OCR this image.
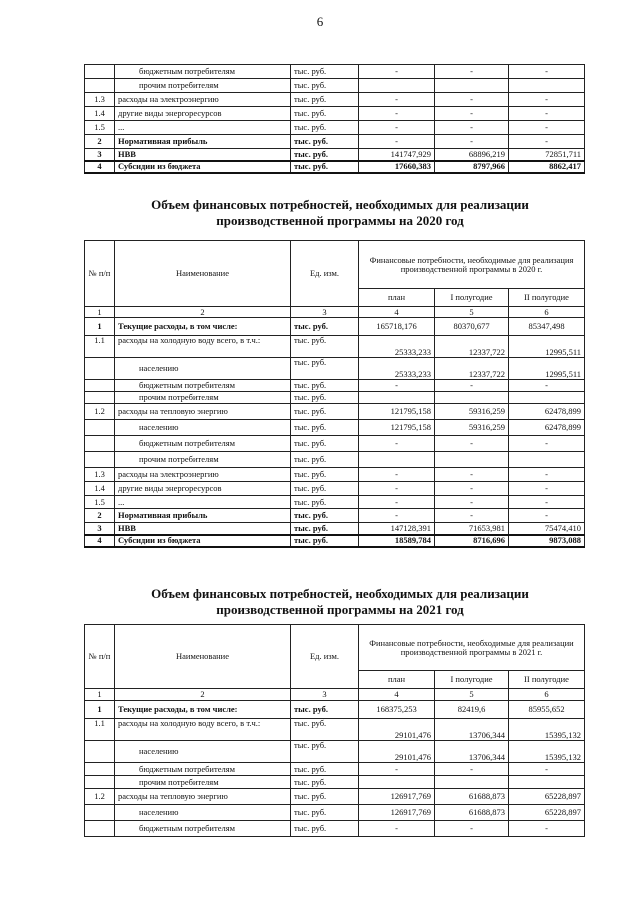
6
	бюджетным потребителям	тыс. руб.	-	-	-
	прочим потребителям	тыс. руб.			
1.3	расходы на электроэнергию	тыс. руб.	-	-	-
1.4	другие виды энергоресурсов	тыс. руб.	-	-	-
1.5	...	тыс. руб.	-	-	-
2	Нормативная прибыль	тыс. руб.	-	-	-
3	НВВ	тыс. руб.	141747,929	68896,219	72851,711
4	Субсидии из бюджета	тыс. руб.	17660,383	8797,966	8862,417
Объем финансовых потребностей, необходимых для реализации
производственной программы на 2020 год
№ п/п	Наименование	Ед. изм.	Финансовые потребности, необходимые для реализация производственной программы в 2020 г.		
			план	I полугодие	II полугодие
1	2	3	4	5	6
1	Текущие расходы, в том числе:	тыс. руб.	165718,176	80370,677	85347,498
1.1	расходы на холодную воду всего, в т.ч.:	тыс. руб.	25333,233	12337,722	12995,511
	населению	тыс. руб.	25333,233	12337,722	12995,511
	бюджетным потребителям	тыс. руб.	-	-	-
	прочим потребителям	тыс. руб.			
1.2	расходы на тепловую энергию	тыс. руб.	121795,158	59316,259	62478,899
	населению	тыс. руб.	121795,158	59316,259	62478,899
	бюджетным потребителям	тыс. руб.	-	-	-
	прочим потребителям	тыс. руб.			
1.3	расходы на электроэнергию	тыс. руб.	-	-	-
1.4	другие виды энергоресурсов	тыс. руб.	-	-	-
1.5	...	тыс. руб.	-	-	-
2	Нормативная прибыль	тыс. руб.	-	-	-
3	НВВ	тыс. руб.	147128,391	71653,981	75474,410
4	Субсидии из бюджета	тыс. руб.	18589,784	8716,696	9873,088
Объем финансовых потребностей, необходимых для реализации
производственной программы на 2021 год
№ п/п	Наименование	Ед. изм.	Финансовые потребности, необходимые для реализации производственной программы в 2021 г.		
			план	I полугодие	II полугодие
1	2	3	4	5	6
1	Текущие расходы, в том числе:	тыс. руб.	168375,253	82419,6	85955,652
1.1	расходы на холодную воду всего, в т.ч.:	тыс. руб.	29101,476	13706,344	15395,132
	населению	тыс. руб.	29101,476	13706,344	15395,132
	бюджетным потребителям	тыс. руб.	-	-	-
	прочим потребителям	тыс. руб.			
1.2	расходы на тепловую энергию	тыс. руб.	126917,769	61688,873	65228,897
	населению	тыс. руб.	126917,769	61688,873	65228,897
	бюджетным потребителям	тыс. руб.	-	-	-
